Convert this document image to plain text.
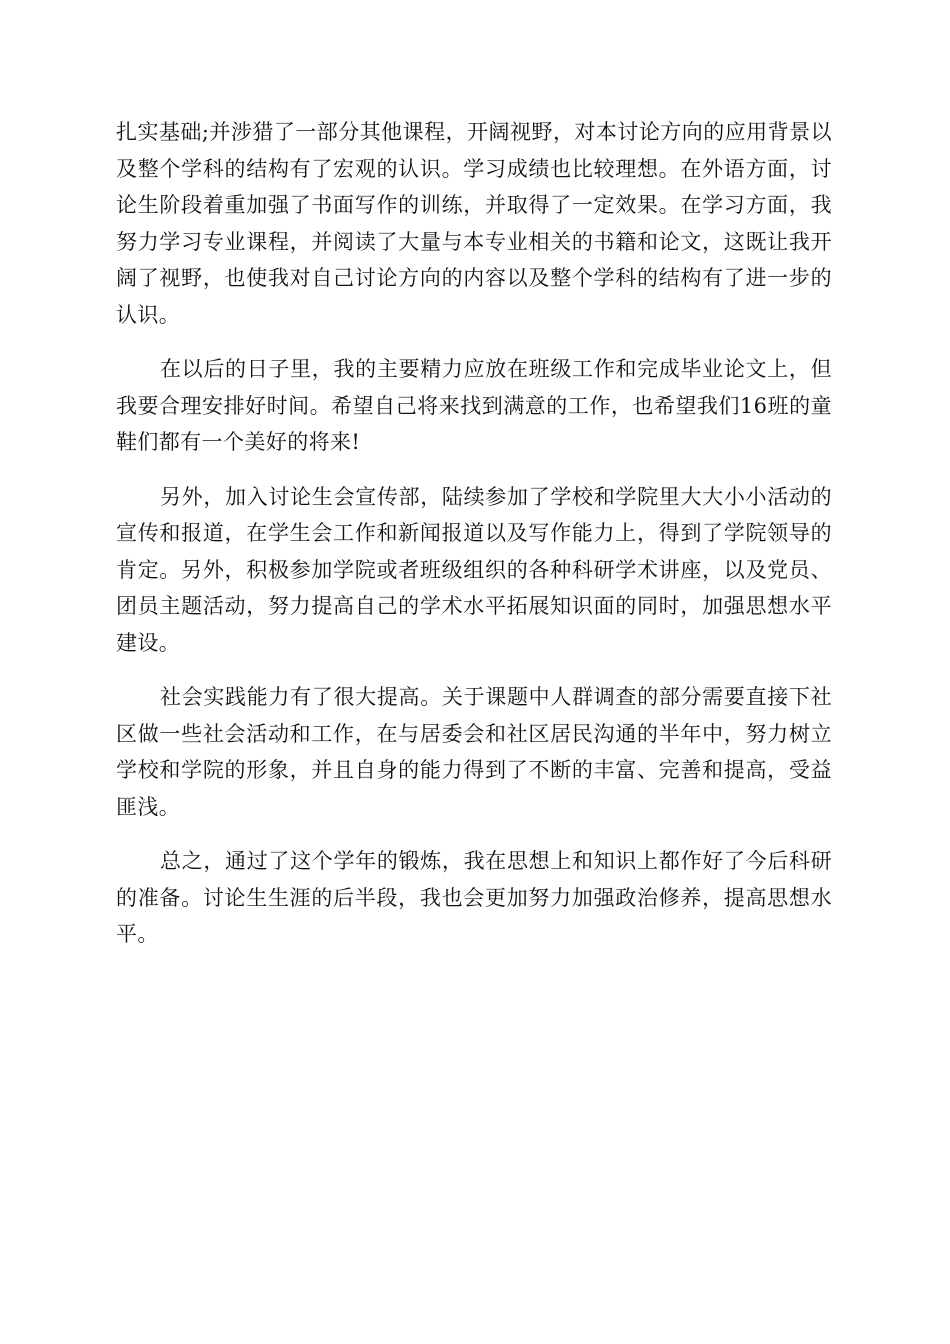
扎实基础;并涉猎了一部分其他课程，开阔视野，对本讨论方向的应用背景以及整个学科的结构有了宏观的认识。学习成绩也比较理想。在外语方面，讨论生阶段着重加强了书面写作的训练，并取得了一定效果。在学习方面，我努力学习专业课程，并阅读了大量与本专业相关的书籍和论文，这既让我开阔了视野，也使我对自己讨论方向的内容以及整个学科的结构有了进一步的认识。

在以后的日子里，我的主要精力应放在班级工作和完成毕业论文上，但我要合理安排好时间。希望自己将来找到满意的工作，也希望我们16班的童鞋们都有一个美好的将来!

另外，加入讨论生会宣传部，陆续参加了学校和学院里大大小小活动的宣传和报道，在学生会工作和新闻报道以及写作能力上，得到了学院领导的肯定。另外，积极参加学院或者班级组织的各种科研学术讲座，以及党员、团员主题活动，努力提高自己的学术水平拓展知识面的同时，加强思想水平建设。

社会实践能力有了很大提高。关于课题中人群调查的部分需要直接下社区做一些社会活动和工作，在与居委会和社区居民沟通的半年中，努力树立学校和学院的形象，并且自身的能力得到了不断的丰富、完善和提高，受益匪浅。

总之，通过了这个学年的锻炼，我在思想上和知识上都作好了今后科研的准备。讨论生生涯的后半段，我也会更加努力加强政治修养，提高思想水平。
